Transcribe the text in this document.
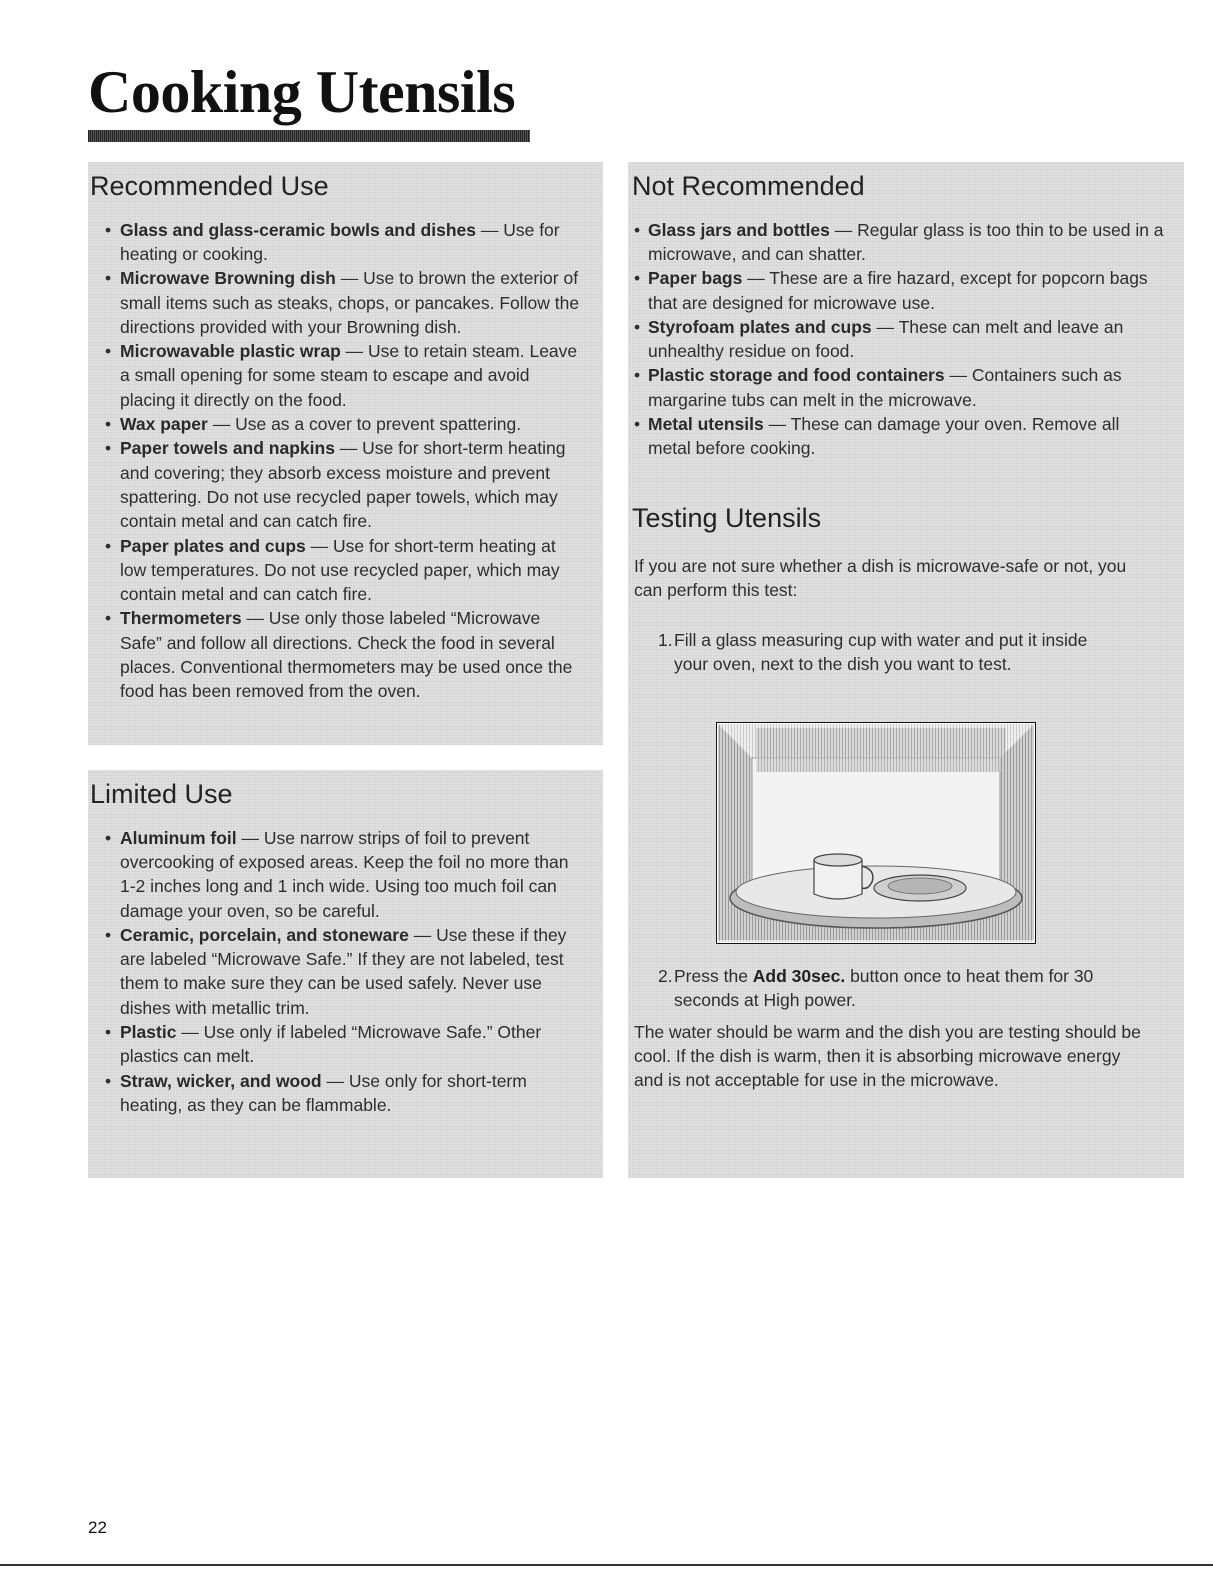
Cooking Utensils
Recommended Use
• Glass and glass-ceramic bowls and dishes — Use for heating or cooking.
• Microwave Browning dish — Use to brown the exterior of small items such as steaks, chops, or pancakes. Follow the directions provided with your Browning dish.
• Microwavable plastic wrap — Use to retain steam. Leave a small opening for some steam to escape and avoid placing it directly on the food.
• Wax paper — Use as a cover to prevent spattering.
• Paper towels and napkins — Use for short-term heating and covering; they absorb excess moisture and prevent spattering. Do not use recycled paper towels, which may contain metal and can catch fire.
• Paper plates and cups — Use for short-term heating at low temperatures. Do not use recycled paper, which may contain metal and can catch fire.
• Thermometers — Use only those labeled “Microwave Safe” and follow all directions. Check the food in several places. Conventional thermometers may be used once the food has been removed from the oven.
Limited Use
• Aluminum foil — Use narrow strips of foil to prevent overcooking of exposed areas. Keep the foil no more than 1-2 inches long and 1 inch wide. Using too much foil can damage your oven, so be careful.
• Ceramic, porcelain, and stoneware — Use these if they are labeled “Microwave Safe.” If they are not labeled, test them to make sure they can be used safely. Never use dishes with metallic trim.
• Plastic — Use only if labeled “Microwave Safe.” Other plastics can melt.
• Straw, wicker, and wood — Use only for short-term heating, as they can be flammable.
Not Recommended
• Glass jars and bottles — Regular glass is too thin to be used in a microwave, and can shatter.
• Paper bags — These are a fire hazard, except for popcorn bags that are designed for microwave use.
• Styrofoam plates and cups — These can melt and leave an unhealthy residue on food.
• Plastic storage and food containers — Containers such as margarine tubs can melt in the microwave.
• Metal utensils — These can damage your oven. Remove all metal before cooking.
Testing Utensils

If you are not sure whether a dish is microwave-safe or not, you can perform this test:

1. Fill a glass measuring cup with water and put it inside your oven, next to the dish you want to test.

2. Press the Add 30sec. button once to heat them for 30 seconds at High power.

The water should be warm and the dish you are testing should be cool. If the dish is warm, then it is absorbing microwave energy and is not acceptable for use in the microwave.

22
